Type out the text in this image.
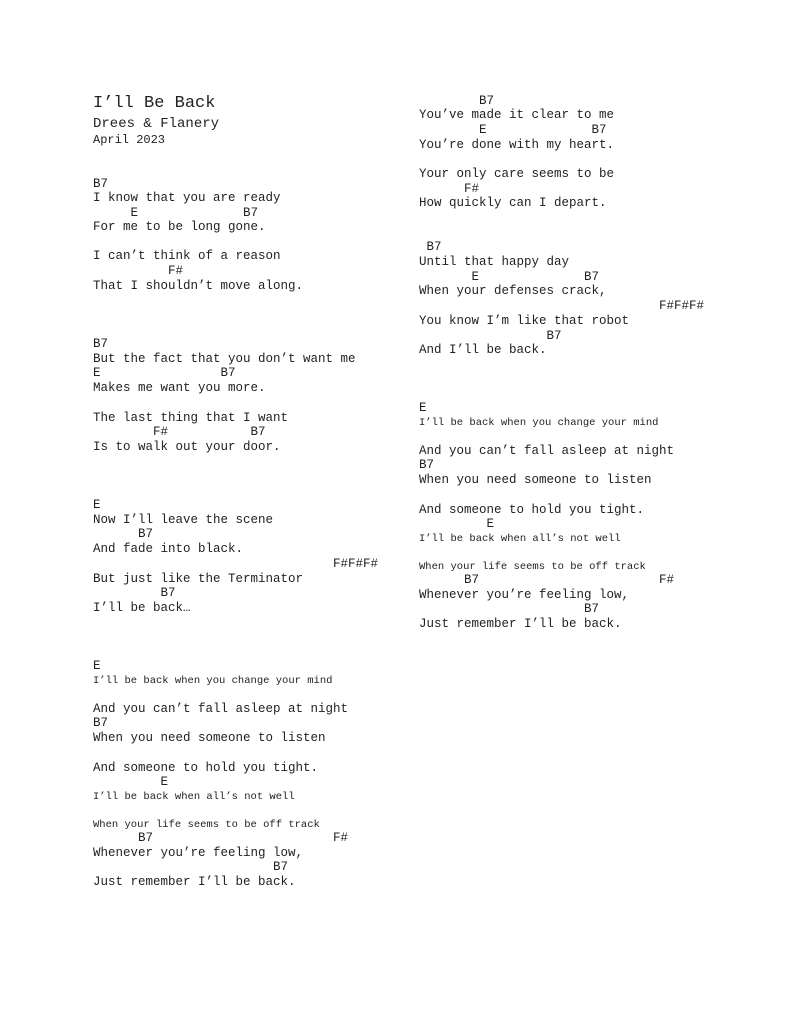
I’ll Be Back
Drees & Flanery
April 2023
B7
I know that you are ready
E              B7
For me to be long gone.
I can’t think of a reason
F#
That I shouldn’t move along.
B7
But the fact that you don’t want me
E                B7
Makes me want you more.
The last thing that I want
F#           B7
Is to walk out your door.
E
Now I’ll leave the scene
B7
And fade into black.
F#F#F#
But just like the Terminator
B7
I’ll be back…
E
I’ll be back when you change your mind
And you can’t fall asleep at night
B7
When you need someone to listen
And someone to hold you tight.
E
I’ll be back when all’s not well
When your life seems to be off track
B7                        F#
Whenever you’re feeling low,
B7
Just remember I’ll be back.
B7
You’ve made it clear to me
E              B7
You’re done with my heart.
Your only care seems to be
F#
How quickly can I depart.
B7
Until that happy day
E              B7
When your defenses crack,
F#F#F#
You know I’m like that robot
B7
And I’ll be back.
E
I’ll be back when you change your mind
And you can’t fall asleep at night
B7
When you need someone to listen
And someone to hold you tight.
E
I’ll be back when all’s not well
When your life seems to be off track
B7                        F#
Whenever you’re feeling low,
B7
Just remember I’ll be back.
